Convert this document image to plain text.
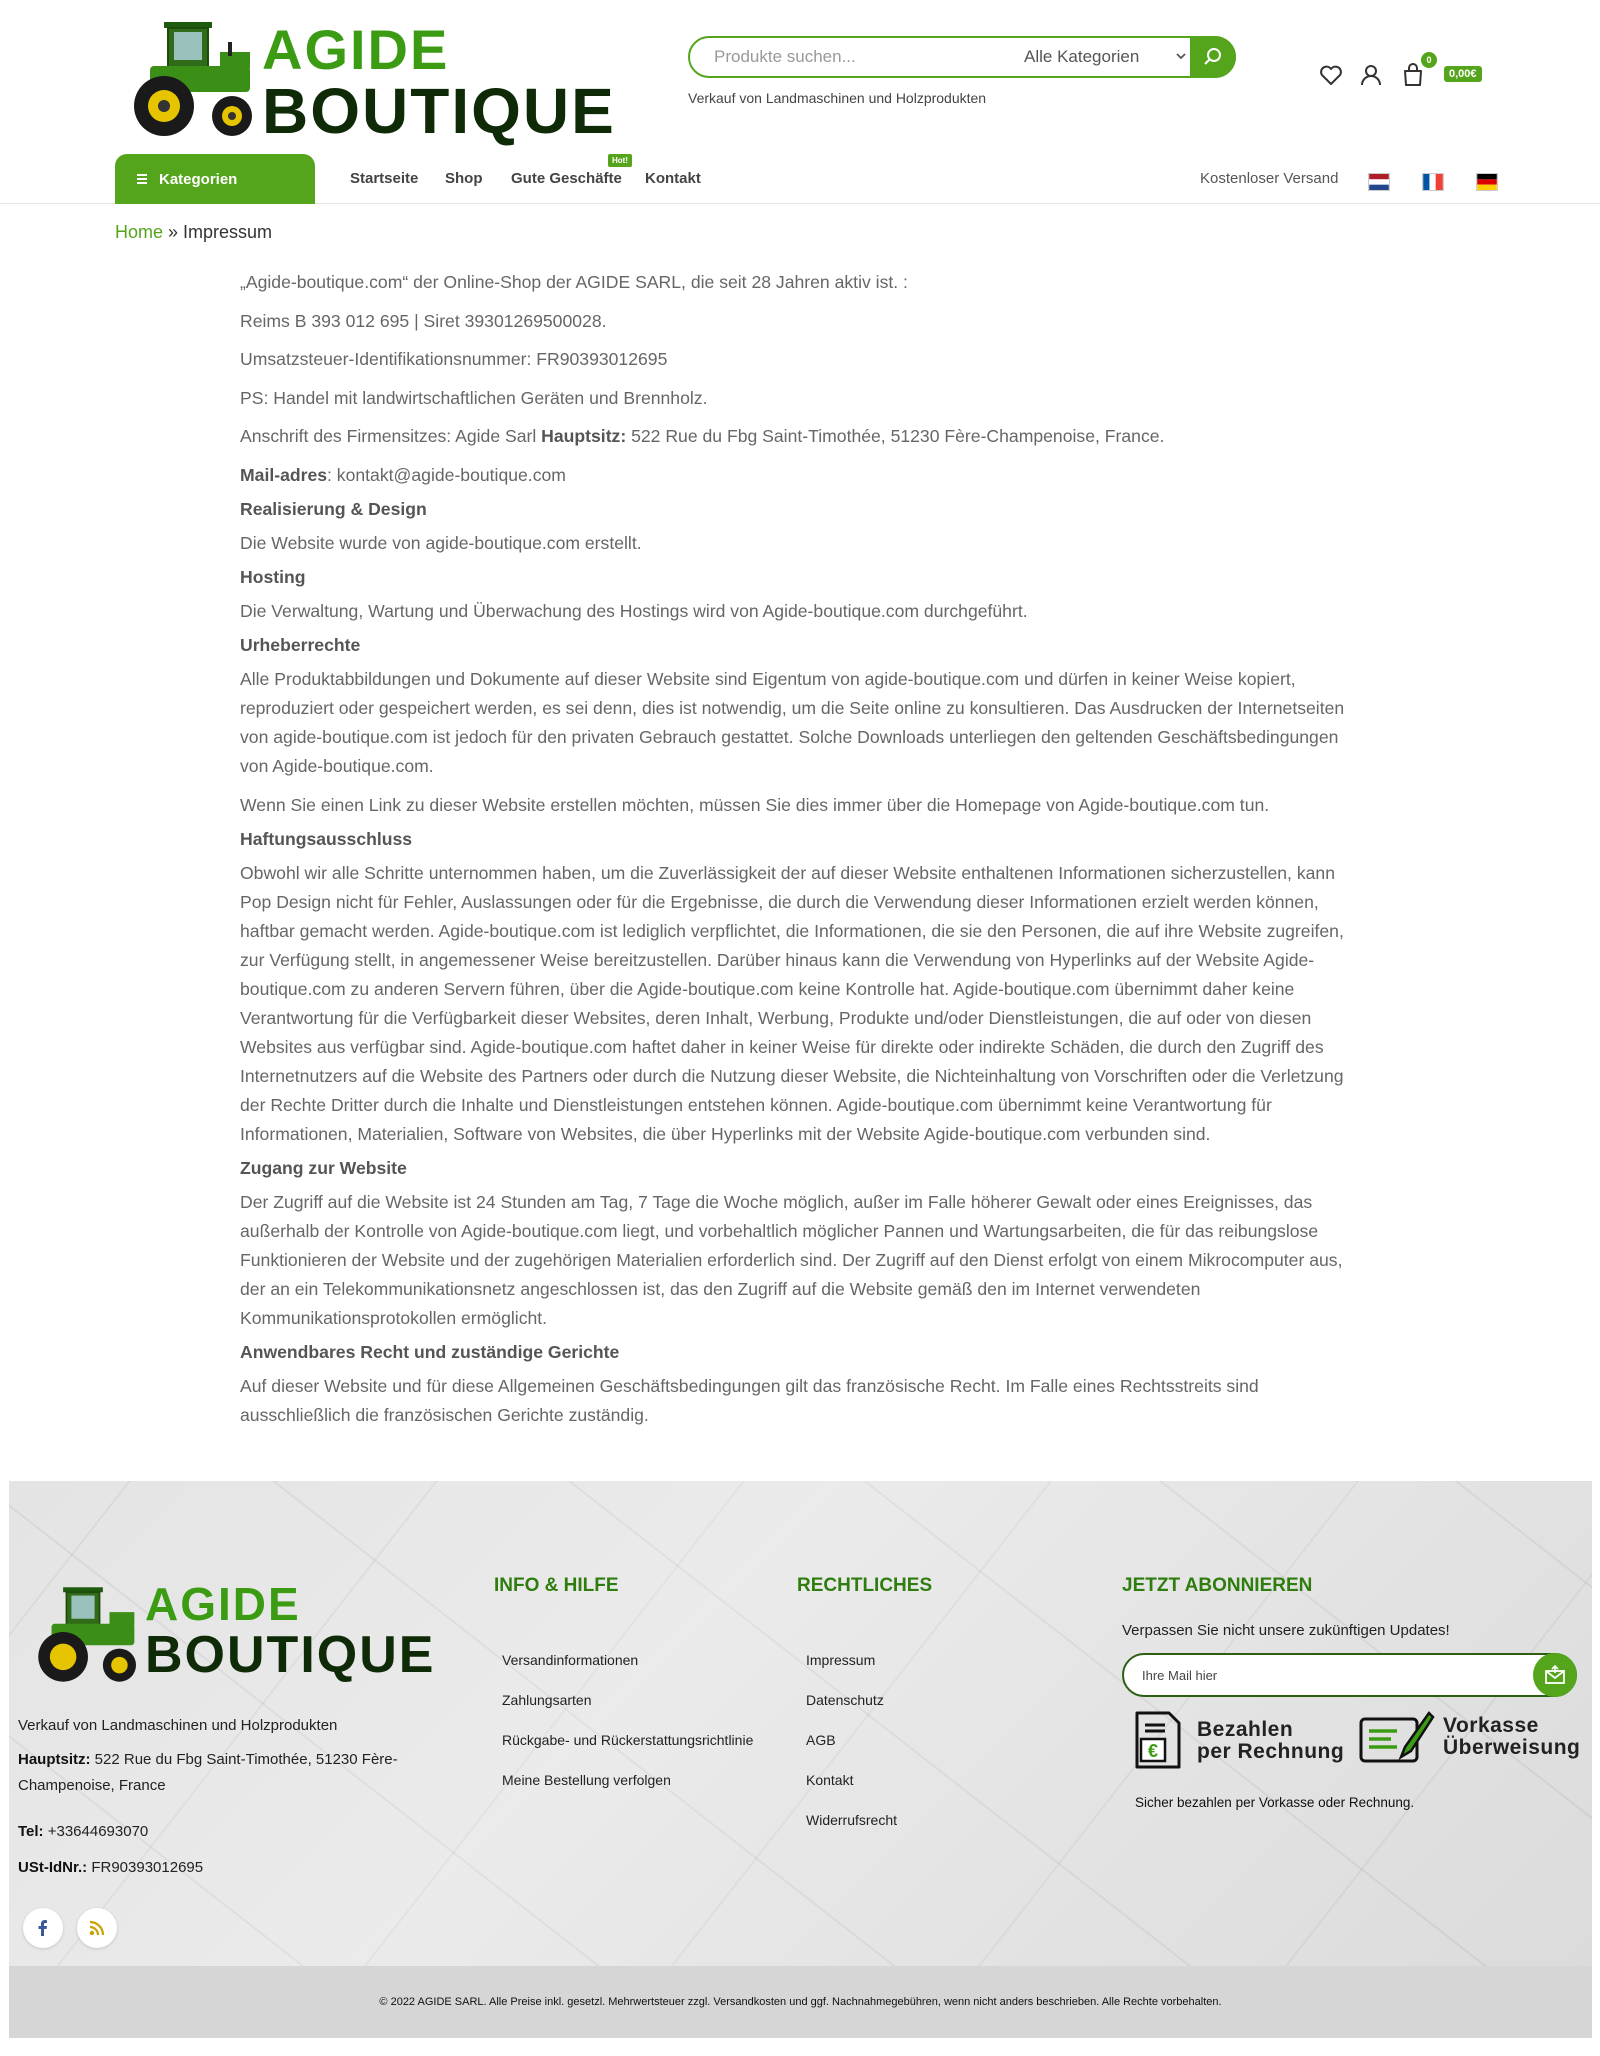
AGIDE
BOUTIQUE
Produkte suchen...
Alle Kategorien
Verkauf von Landmaschinen und Holzprodukten
0
0,00€
Kategorien	Startseite Shop Gute Geschäfte
Hot!
Kontakt	Kostenloser Versand
Home » Impressum

„Agide-boutique.com“ der Online-Shop der AGIDE SARL, die seit 28 Jahren aktiv ist. :

Reims B 393 012 695 | Siret 39301269500028.

Umsatzsteuer-Identifikationsnummer: FR90393012695

PS: Handel mit landwirtschaftlichen Geräten und Brennholz.

Anschrift des Firmensitzes: Agide Sarl Hauptsitz: 522 Rue du Fbg Saint-Timothée, 51230 Fère-Champenoise, France.

Mail-adres: kontakt@agide-boutique.com

Realisierung & Design

Die Website wurde von agide-boutique.com erstellt.

Hosting

Die Verwaltung, Wartung und Überwachung des Hostings wird von Agide-boutique.com durchgeführt.

Urheberrechte

Alle Produktabbildungen und Dokumente auf dieser Website sind Eigentum von agide-boutique.com und dürfen in keiner Weise kopiert, reproduziert oder gespeichert werden, es sei denn, dies ist notwendig, um die Seite online zu konsultieren. Das Ausdrucken der Internetseiten von agide-boutique.com ist jedoch für den privaten Gebrauch gestattet. Solche Downloads unterliegen den geltenden Geschäftsbedingungen von Agide-boutique.com.

Wenn Sie einen Link zu dieser Website erstellen möchten, müssen Sie dies immer über die Homepage von Agide-boutique.com tun.

Haftungsausschluss

Obwohl wir alle Schritte unternommen haben, um die Zuverlässigkeit der auf dieser Website enthaltenen Informationen sicherzustellen, kann Pop Design nicht für Fehler, Auslassungen oder für die Ergebnisse, die durch die Verwendung dieser Informationen erzielt werden können, haftbar gemacht werden. Agide-boutique.com ist lediglich verpflichtet, die Informationen, die sie den Personen, die auf ihre Website zugreifen, zur Verfügung stellt, in angemessener Weise bereitzustellen. Darüber hinaus kann die Verwendung von Hyperlinks auf der Website Agide-boutique.com zu anderen Servern führen, über die Agide-boutique.com keine Kontrolle hat. Agide-boutique.com übernimmt daher keine Verantwortung für die Verfügbarkeit dieser Websites, deren Inhalt, Werbung, Produkte und/oder Dienstleistungen, die auf oder von diesen Websites aus verfügbar sind. Agide-boutique.com haftet daher in keiner Weise für direkte oder indirekte Schäden, die durch den Zugriff des Internetnutzers auf die Website des Partners oder durch die Nutzung dieser Website, die Nichteinhaltung von Vorschriften oder die Verletzung der Rechte Dritter durch die Inhalte und Dienstleistungen entstehen können. Agide-boutique.com übernimmt keine Verantwortung für Informationen, Materialien, Software von Websites, die über Hyperlinks mit der Website Agide-boutique.com verbunden sind.

Zugang zur Website

Der Zugriff auf die Website ist 24 Stunden am Tag, 7 Tage die Woche möglich, außer im Falle höherer Gewalt oder eines Ereignisses, das außerhalb der Kontrolle von Agide-boutique.com liegt, und vorbehaltlich möglicher Pannen und Wartungsarbeiten, die für das reibungslose Funktionieren der Website und der zugehörigen Materialien erforderlich sind. Der Zugriff auf den Dienst erfolgt von einem Mikrocomputer aus, der an ein Telekommunikationsnetz angeschlossen ist, das den Zugriff auf die Website gemäß den im Internet verwendeten Kommunikationsprotokollen ermöglicht.

Anwendbares Recht und zuständige Gerichte

Auf dieser Website und für diese Allgemeinen Geschäftsbedingungen gilt das französische Recht. Im Falle eines Rechtsstreits sind ausschließlich die französischen Gerichte zuständig.

AGIDE
BOUTIQUE
Verkauf von Landmaschinen und Holzprodukten
Hauptsitz: 522 Rue du Fbg Saint-Timothée, 51230 Fère-Champenoise, France
Tel: +33644693070
USt-IdNr.: FR90393012695
INFO & HILFE
Versandinformationen
Zahlungsarten
Rückgabe- und Rückerstattungsrichtlinie
Meine Bestellung verfolgen
RECHTLICHES
Impressum
Datenschutz
AGB
Kontakt
Widerrufsrecht
JETZT ABONNIEREN
Verpassen Sie nicht unsere zukünftigen Updates!
Ihre Mail hier
€
Bezahlen
per Rechnung
Vorkasse
Überweisung
Sicher bezahlen per Vorkasse oder Rechnung.
© 2022 AGIDE SARL. Alle Preise inkl. gesetzl. Mehrwertsteuer zzgl. Versandkosten und ggf. Nachnahmegebühren, wenn nicht anders beschrieben. Alle Rechte vorbehalten.
